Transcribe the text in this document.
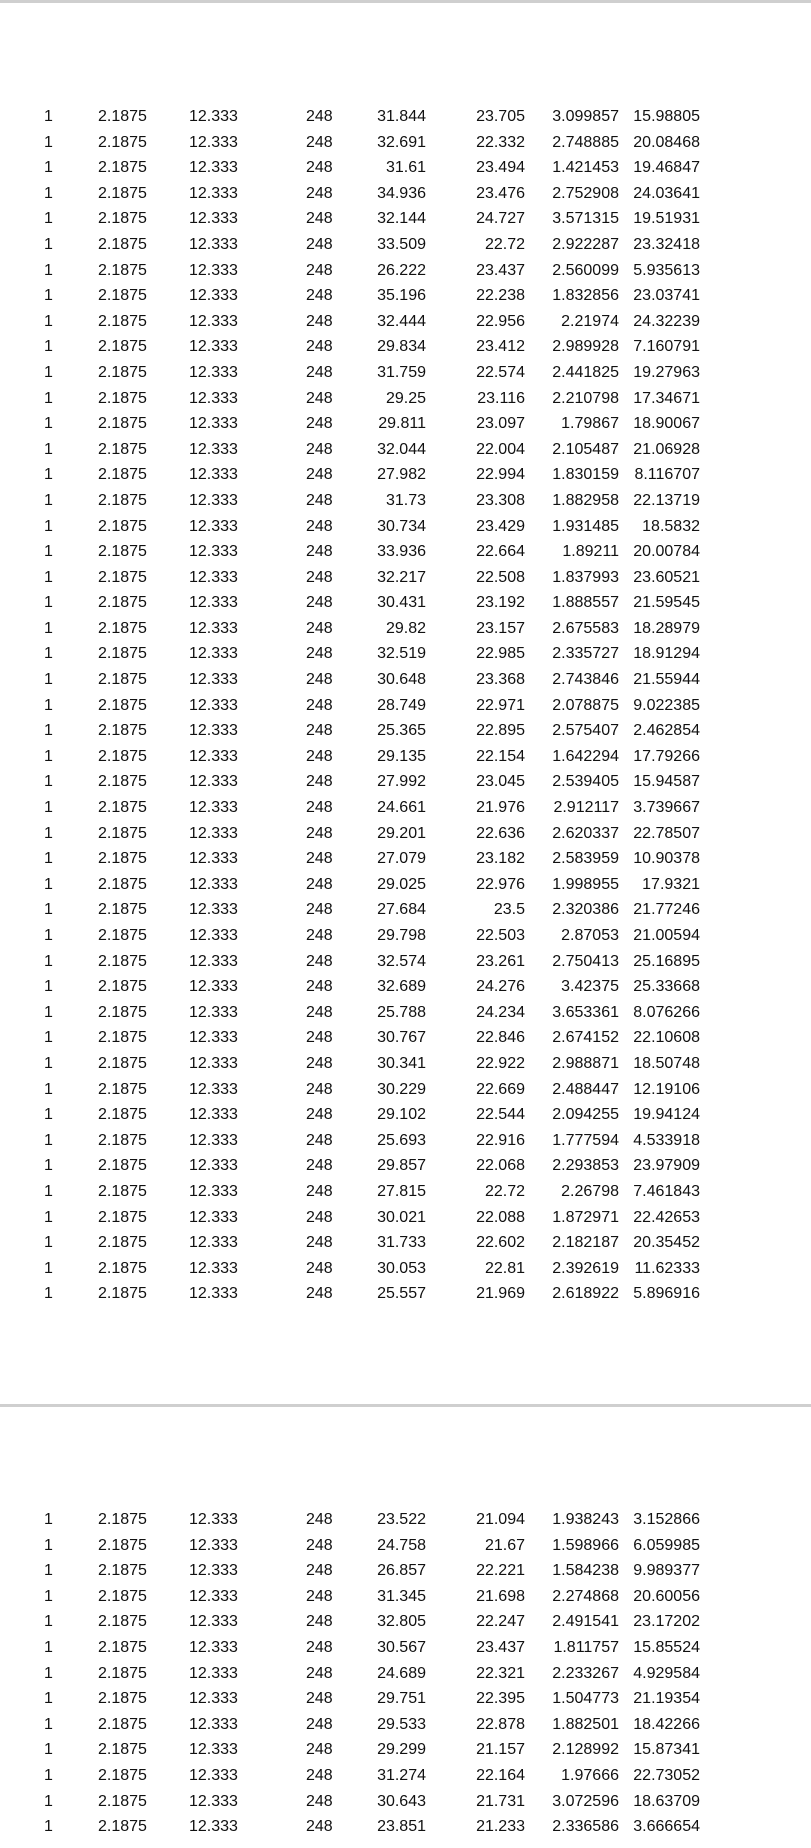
1	2.1875	12.333	248	31.844	23.705 3.099857 15.98805
1	2.1875	12.333	248	32.691	22.332 2.748885 20.08468
1	2.1875	12.333	248	31.61	23.494 1.421453 19.46847
1	2.1875	12.333	248	34.936	23.476 2.752908 24.03641
1	2.1875	12.333	248	32.144	24.727 3.571315 19.51931
1	2.1875	12.333	248	33.509	22.72 2.922287 23.32418
1	2.1875	12.333	248	26.222	23.437 2.560099 5.935613
1	2.1875	12.333	248	35.196	22.238 1.832856 23.03741
1	2.1875	12.333	248	32.444	22.956 2.21974 24.32239
1	2.1875	12.333	248	29.834	23.412 2.989928 7.160791
1	2.1875	12.333	248	31.759	22.574 2.441825 19.27963
1	2.1875	12.333	248	29.25	23.116 2.210798 17.34671
1	2.1875	12.333	248	29.811	23.097 1.79867 18.90067
1	2.1875	12.333	248	32.044	22.004 2.105487 21.06928
1	2.1875	12.333	248	27.982	22.994 1.830159 8.116707
1	2.1875	12.333	248	31.73	23.308 1.882958 22.13719
1	2.1875	12.333	248	30.734	23.429 1.931485 18.5832
1	2.1875	12.333	248	33.936	22.664 1.89211 20.00784
1	2.1875	12.333	248	32.217	22.508 1.837993 23.60521
1	2.1875	12.333	248	30.431	23.192 1.888557 21.59545
1	2.1875	12.333	248	29.82	23.157 2.675583 18.28979
1	2.1875	12.333	248	32.519	22.985 2.335727 18.91294
1	2.1875	12.333	248	30.648	23.368 2.743846 21.55944
1	2.1875	12.333	248	28.749	22.971 2.078875 9.022385
1	2.1875	12.333	248	25.365	22.895 2.575407 2.462854
1	2.1875	12.333	248	29.135	22.154 1.642294 17.79266
1	2.1875	12.333	248	27.992	23.045 2.539405 15.94587
1	2.1875	12.333	248	24.661	21.976 2.912117 3.739667
1	2.1875	12.333	248	29.201	22.636 2.620337 22.78507
1	2.1875	12.333	248	27.079	23.182 2.583959 10.90378
1	2.1875	12.333	248	29.025	22.976 1.998955 17.9321
1	2.1875	12.333	248	27.684	23.5 2.320386 21.77246
1	2.1875	12.333	248	29.798	22.503 2.87053 21.00594
1	2.1875	12.333	248	32.574	23.261 2.750413 25.16895
1	2.1875	12.333	248	32.689	24.276 3.42375 25.33668
1	2.1875	12.333	248	25.788	24.234 3.653361 8.076266
1	2.1875	12.333	248	30.767	22.846 2.674152 22.10608
1	2.1875	12.333	248	30.341	22.922 2.988871 18.50748
1	2.1875	12.333	248	30.229	22.669 2.488447 12.19106
1	2.1875	12.333	248	29.102	22.544 2.094255 19.94124
1	2.1875	12.333	248	25.693	22.916 1.777594 4.533918
1	2.1875	12.333	248	29.857	22.068 2.293853 23.97909
1	2.1875	12.333	248	27.815	22.72 2.26798 7.461843
1	2.1875	12.333	248	30.021	22.088 1.872971 22.42653
1	2.1875	12.333	248	31.733	22.602 2.182187 20.35452
1	2.1875	12.333	248	30.053	22.81 2.392619 11.62333
1	2.1875	12.333	248	25.557	21.969 2.618922 5.896916
1	2.1875	12.333	248	23.522	21.094 1.938243 3.152866
1	2.1875	12.333	248	24.758	21.67 1.598966 6.059985
1	2.1875	12.333	248	26.857	22.221 1.584238 9.989377
1	2.1875	12.333	248	31.345	21.698 2.274868 20.60056
1	2.1875	12.333	248	32.805	22.247 2.491541 23.17202
1	2.1875	12.333	248	30.567	23.437 1.811757 15.85524
1	2.1875	12.333	248	24.689	22.321 2.233267 4.929584
1	2.1875	12.333	248	29.751	22.395 1.504773 21.19354
1	2.1875	12.333	248	29.533	22.878 1.882501 18.42266
1	2.1875	12.333	248	29.299	21.157 2.128992 15.87341
1	2.1875	12.333	248	31.274	22.164 1.97666 22.73052
1	2.1875	12.333	248	30.643	21.731 3.072596 18.63709
1	2.1875	12.333	248	23.851	21.233 2.336586 3.666654
